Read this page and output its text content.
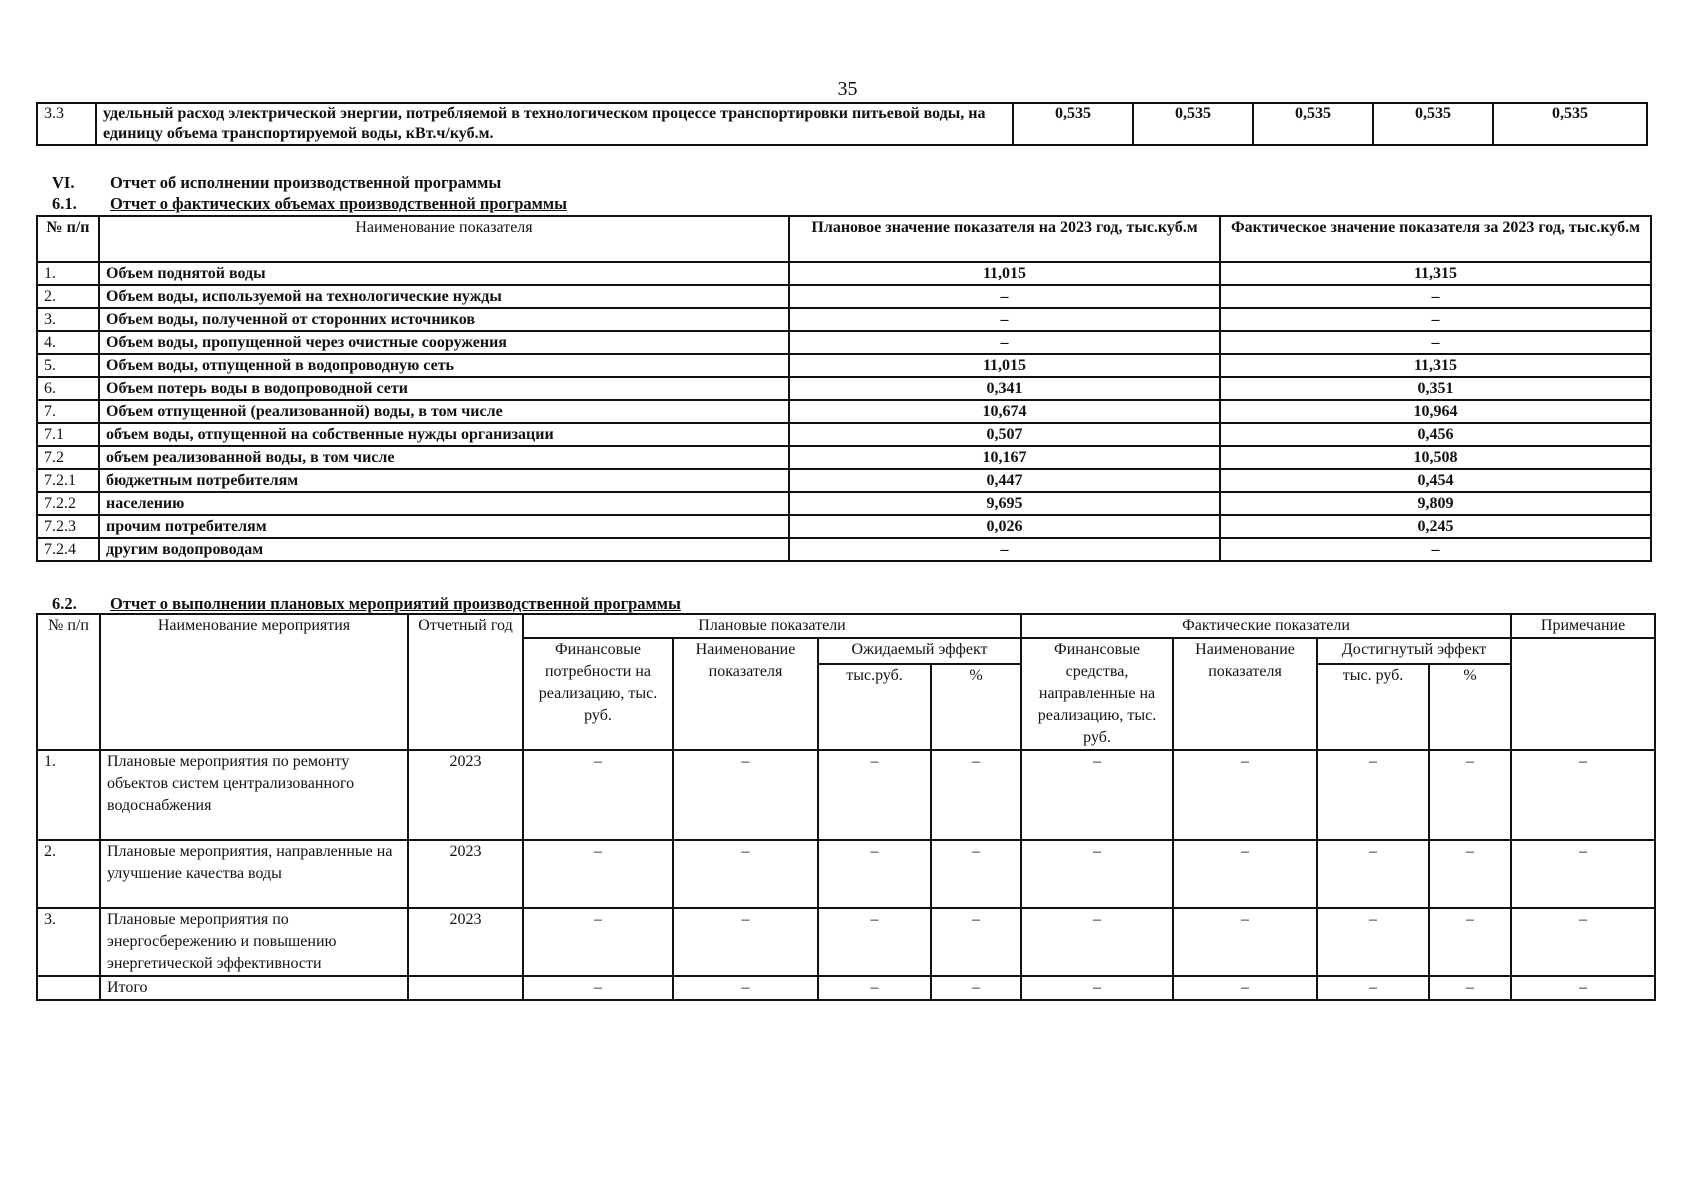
35
3.3	удельный расход электрической энергии, потребляемой в технологическом процессе транспортировки питьевой воды, на единицу объема транспортируемой воды, кВт.ч/куб.м.	0,535	0,535	0,535	0,535	0,535
VI. Отчет об исполнении производственной программы
6.1. Отчет о фактических объемах производственной программы
№ п/п	Наименование показателя	Плановое значение показателя на 2023 год, тыс.куб.м	Фактическое значение показателя за 2023 год, тыс.куб.м
1.	Объем поднятой воды	11,015	11,315
2.	Объем воды, используемой на технологические нужды	–	–
3.	Объем воды, полученной от сторонних источников	–	–
4.	Объем воды, пропущенной через очистные сооружения	–	–
5.	Объем воды, отпущенной в водопроводную сеть	11,015	11,315
6.	Объем потерь воды в водопроводной сети	0,341	0,351
7.	Объем отпущенной (реализованной) воды, в том числе	10,674	10,964
7.1	объем воды, отпущенной на собственные нужды организации	0,507	0,456
7.2	объем реализованной воды, в том числе	10,167	10,508
7.2.1	бюджетным потребителям	0,447	0,454
7.2.2	населению	9,695	9,809
7.2.3	прочим потребителям	0,026	0,245
7.2.4	другим водопроводам	–	–
6.2. Отчет о выполнении плановых мероприятий производственной программы
№ п/п	Наименование мероприятия	Отчетный год	Плановые показатели				Фактические показатели				Примечание
			Финансовые потребности на реализацию, тыс. руб.	Наименование показателя	Ожидаемый эффект		Финансовые средства, направленные на реализацию, тыс. руб.	Наименование показателя	Достигнутый эффект		
					тыс.руб.	%			тыс. руб.	%	
1.	Плановые мероприятия по ремонту объектов систем централизованного водоснабжения	2023	–	–	–	–	–	–	–	–	–
2.	Плановые мероприятия, направленные на улучшение качества воды	2023	–	–	–	–	–	–	–	–	–
3.	Плановые мероприятия по энергосбережению и повышению энергетической эффективности	2023	–	–	–	–	–	–	–	–	–
	Итого		–	–	–	–	–	–	–	–	–
